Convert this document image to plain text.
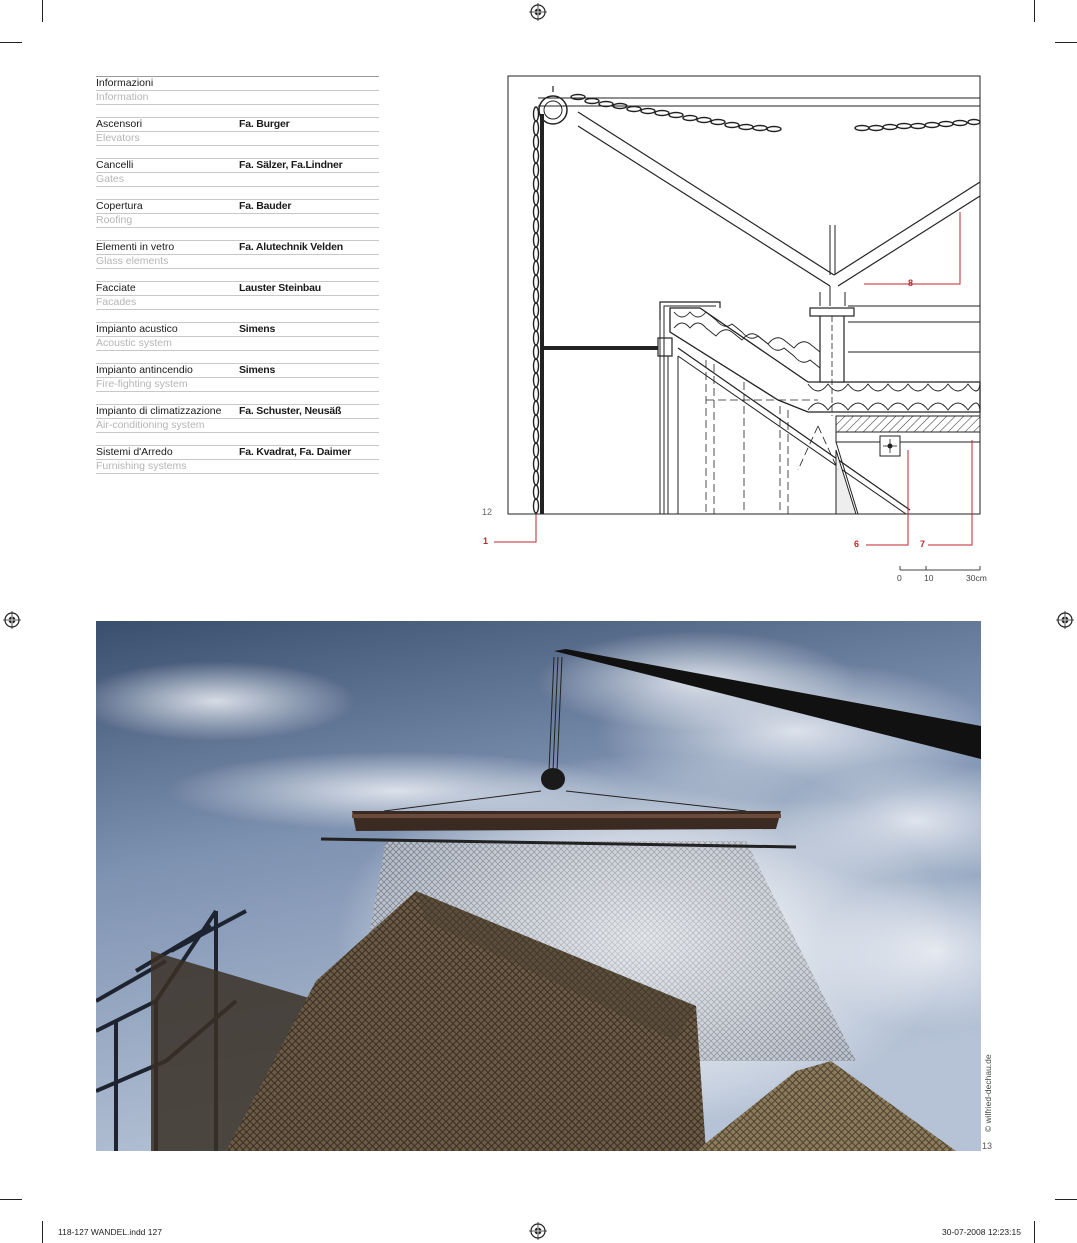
Informazioni
Information
Ascensori	Fa. Burger
Elevators
Cancelli	Fa. Sälzer, Fa.Lindner
Gates
Copertura	Fa. Bauder
Roofing
Elementi in vetro	Fa. Alutechnik Velden
Glass elements
Facciate	Lauster Steinbau
Facades
Impianto acustico	Simens
Acoustic system
Impianto antincendio	Simens
Fire-fighting system
Impianto di climatizzazione Fa. Schuster, Neusäß
Air-conditioning system
Sistemi d'Arredo	Fa. Kvadrat, Fa. Daimer
Furnishing systems
12
1
8
6	7
0	10	30cm
© wilfried-dechau.de
13
118-127 WANDEL.indd 127	30-07-2008 12:23:15
